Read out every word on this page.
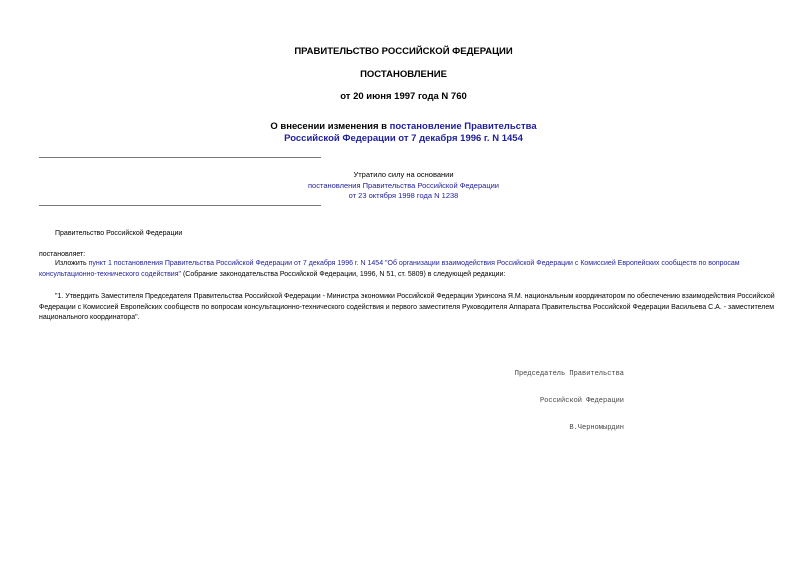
ПРАВИТЕЛЬСТВО РОССИЙСКОЙ ФЕДЕРАЦИИ
ПОСТАНОВЛЕНИЕ
от 20 июня 1997 года N 760
О внесении изменения в постановление Правительства
Российской Федерации от 7 декабря 1996 г. N 1454
Утратило силу на основании
постановления Правительства Российской Федерации
от 23 октября 1998 года N 1238
Правительство Российской Федерации
постановляет:
Изложить пункт 1 постановления Правительства Российской Федерации от 7 декабря 1996 г. N 1454 "Об организации взаимодействия Российской Федерации с Комиссией Европейских сообществ по вопросам консультационно-технического содействия" (Собрание законодательства Российской Федерации, 1996, N 51, ст. 5809) в следующей редакции:
"1. Утвердить Заместителя Председателя Правительства Российской Федерации - Министра экономики Российской Федерации Уринсона Я.М. национальным координатором по обеспечению взаимодействия Российской Федерации с Комиссией Европейских сообществ по вопросам консультационно-технического содействия и первого заместителя Руководителя Аппарата Правительства Российской Федерации Васильева С.А. - заместителем национального координатора".

Председатель Правительства

Российской Федерации

В.Черномырдин
